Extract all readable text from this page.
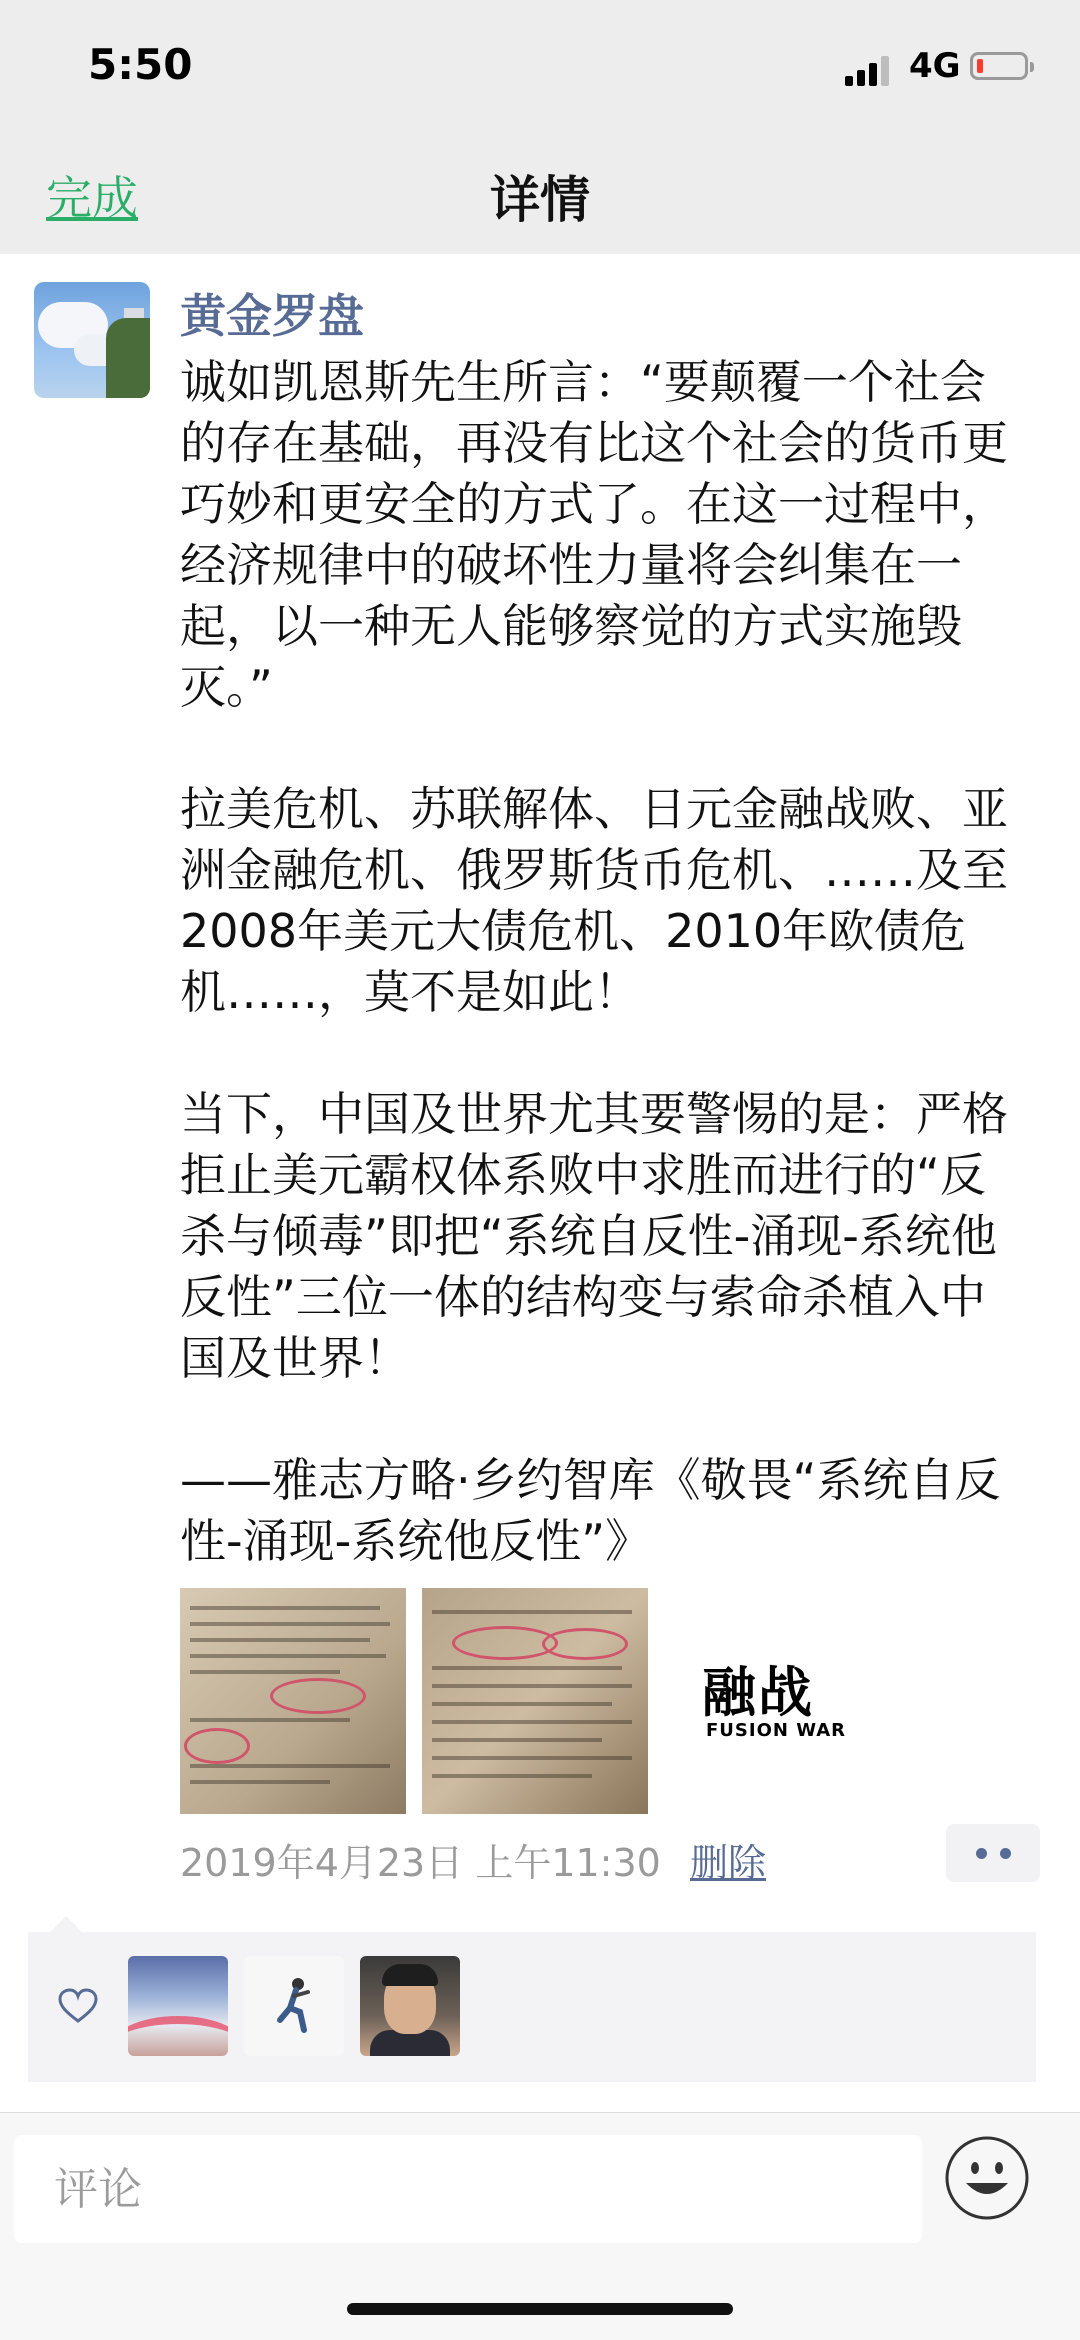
5:50	4G
完成	详情
黄金罗盘
诚如凯恩斯先生所言：“要颠覆一个社会的存在基础，再没有比这个社会的货币更巧妙和更安全的方式了。在这一过程中，经济规律中的破坏性力量将会纠集在一起，以一种无人能够察觉的方式实施毁灭。”

拉美危机、苏联解体、日元金融战败、亚洲金融危机、俄罗斯货币危机、……及至2008年美元大债危机、2010年欧债危机……，莫不是如此！

当下，中国及世界尤其要警惕的是：严格拒止美元霸权体系败中求胜而进行的“反杀与倾毒”即把“系统自反性-涌现-系统他反性”三位一体的结构变与索命杀植入中国及世界！

——雅志方略·乡约智库《敬畏“系统自反性-涌现-系统他反性”》
融战
FUSION WAR
2019年4月23日 上午11:30 删除
评论
